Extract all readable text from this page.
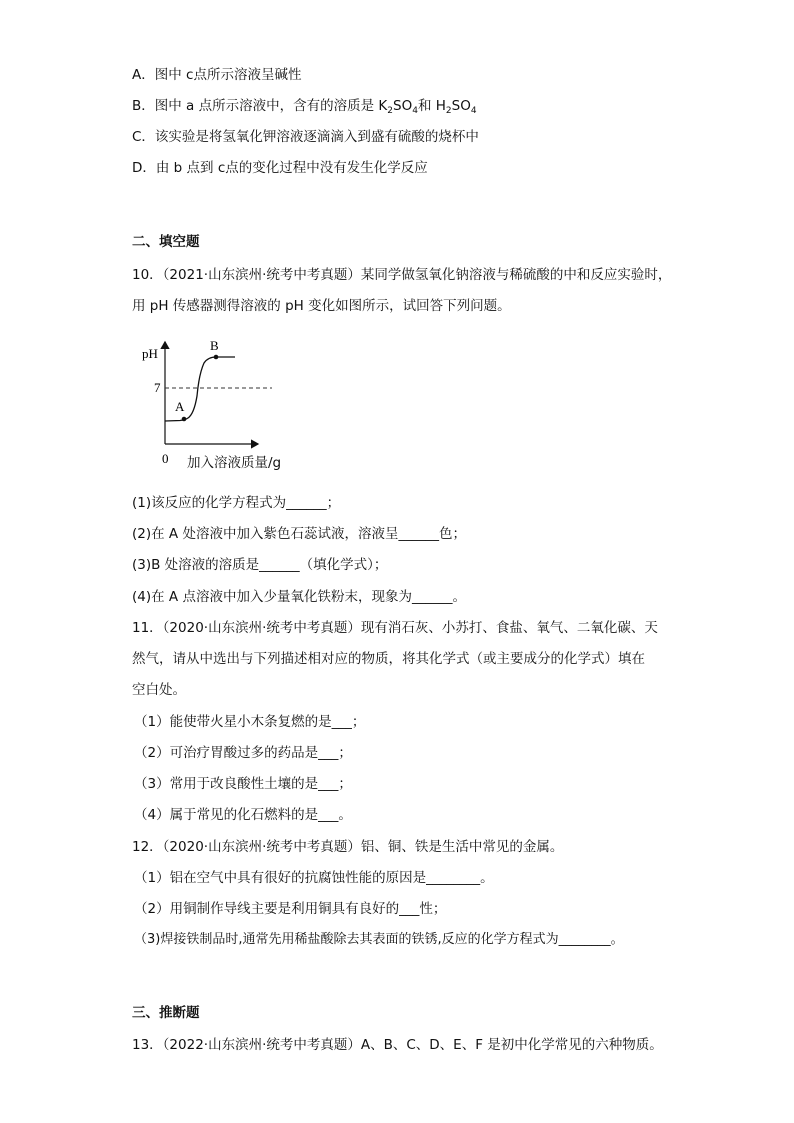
A．图中 c点所示溶液呈碱性
B．图中 a 点所示溶液中，含有的溶质是 $K_2SO_4$和 $H_2SO_4$
C．该实验是将氢氧化钾溶液逐滴滴入到盛有硫酸的烧杯中
D．由 b 点到 c点的变化过程中没有发生化学反应
二、填空题
10．（2021·山东滨州·统考中考真题）某同学做氢氧化钠溶液与稀硫酸的中和反应实验时，
用 pH 传感器测得溶液的 pH 变化如图所示，试回答下列问题。
pH
7
0
A
B
加入溶液质量/g
(1)该反应的化学方程式为______；
(2)在 A 处溶液中加入紫色石蕊试液，溶液呈______色；
(3)B 处溶液的溶质是______（填化学式）；
(4)在 A 点溶液中加入少量氧化铁粉末，现象为______。
11．（2020·山东滨州·统考中考真题）现有消石灰、小苏打、食盐、氧气、二氧化碳、天
然气，请从中选出与下列描述相对应的物质，将其化学式（或主要成分的化学式）填在
空白处。
（1）能使带火星小木条复燃的是___；
（2）可治疗胃酸过多的药品是___；
（3）常用于改良酸性土壤的是___；
（4）属于常见的化石燃料的是___。
12．（2020·山东滨州·统考中考真题）铝、铜、铁是生活中常见的金属。
（1）铝在空气中具有很好的抗腐蚀性能的原因是________。
（2）用铜制作导线主要是利用铜具有良好的___性；
（3)焊接铁制品时,通常先用稀盐酸除去其表面的铁锈,反应的化学方程式为________。
三、推断题
13．（2022·山东滨州·统考中考真题）A、B、C、D、E、F 是初中化学常见的六种物质。
